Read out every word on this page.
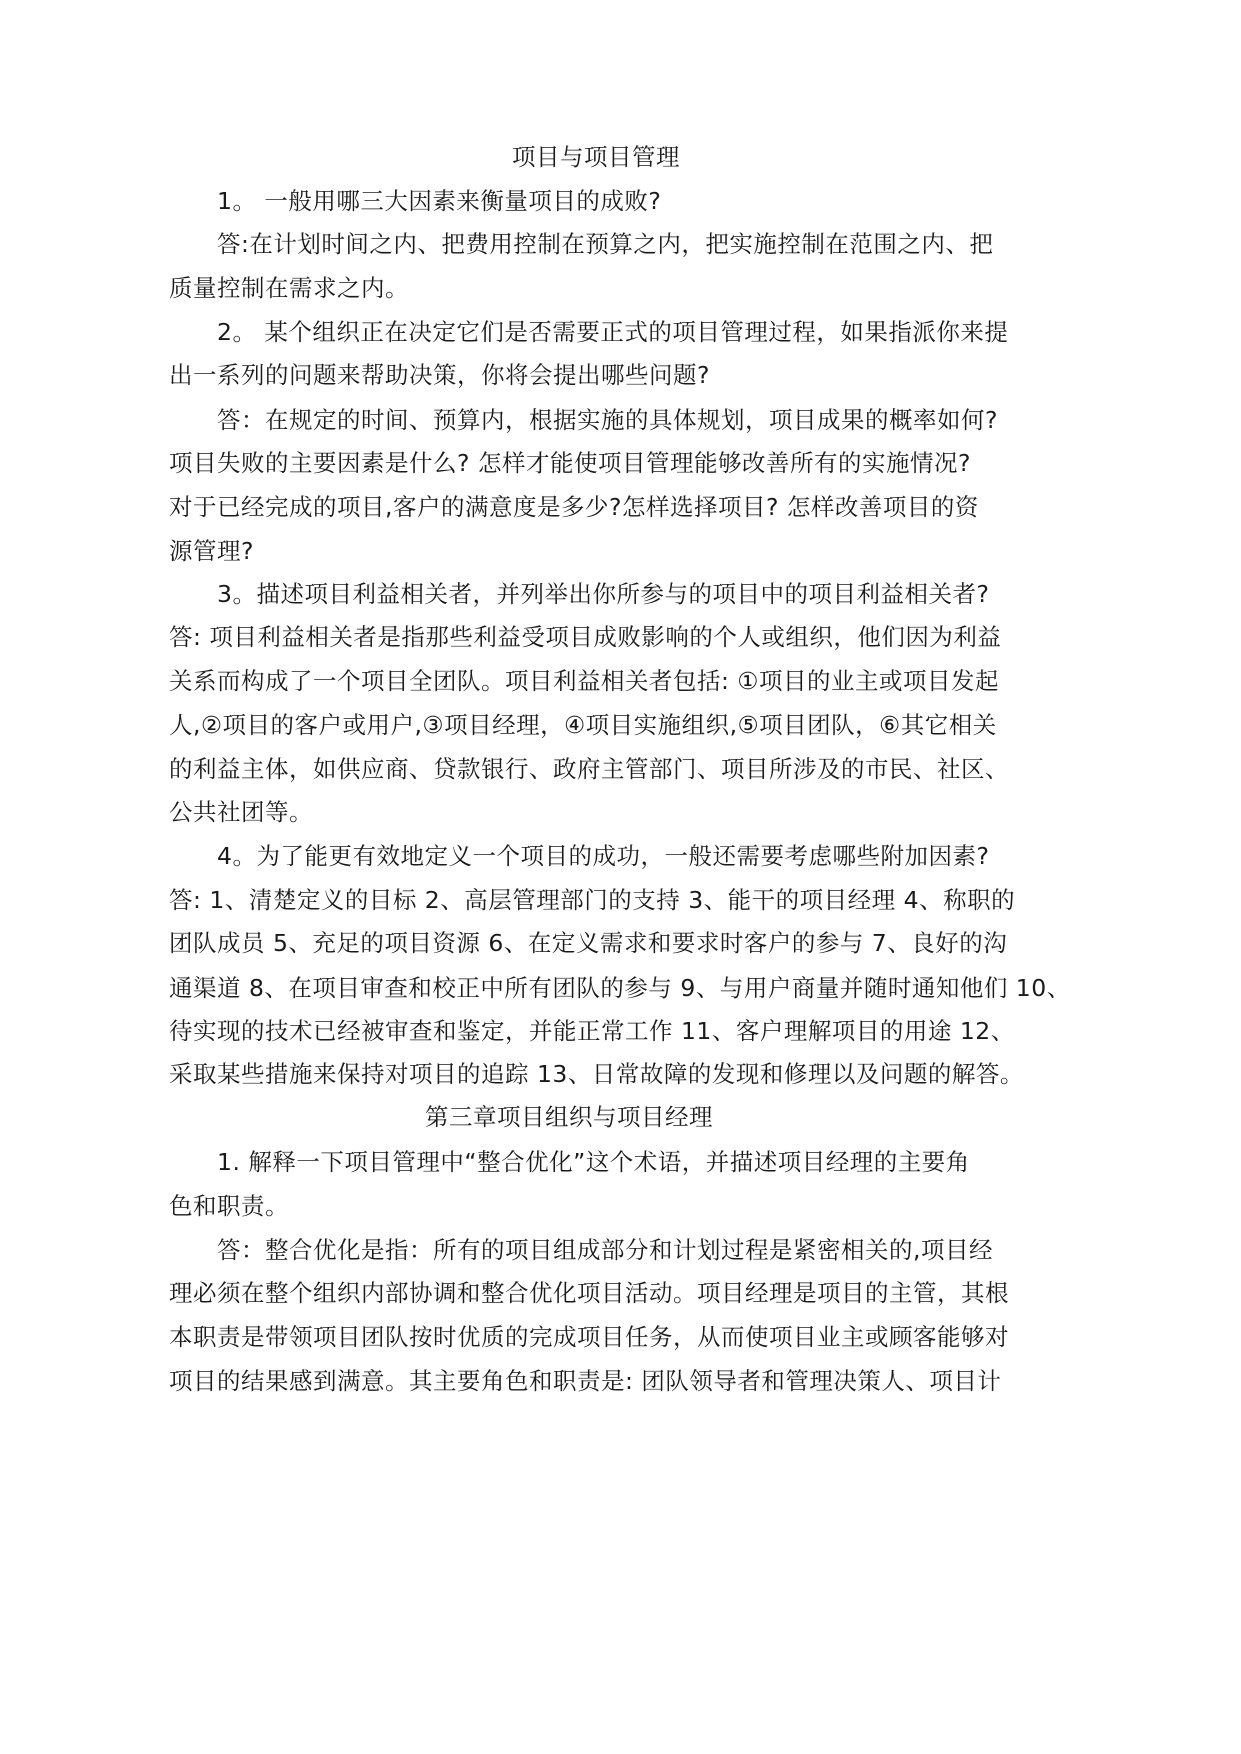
项目与项目管理
1。 一般用哪三大因素来衡量项目的成败?
答:在计划时间之内、把费用控制在预算之内，把实施控制在范围之内、把
质量控制在需求之内。
2。 某个组织正在决定它们是否需要正式的项目管理过程，如果指派你来提
出一系列的问题来帮助决策，你将会提出哪些问题?
答：在规定的时间、预算内，根据实施的具体规划，项目成果的概率如何?
项目失败的主要因素是什么? 怎样才能使项目管理能够改善所有的实施情况?
对于已经完成的项目,客户的满意度是多少?怎样选择项目? 怎样改善项目的资
源管理?
3。描述项目利益相关者，并列举出你所参与的项目中的项目利益相关者?
答: 项目利益相关者是指那些利益受项目成败影响的个人或组织，他们因为利益
关系而构成了一个项目全团队。项目利益相关者包括: ①项目的业主或项目发起
人,②项目的客户或用户,③项目经理，④项目实施组织,⑤项目团队，⑥其它相关
的利益主体，如供应商、贷款银行、政府主管部门、项目所涉及的市民、社区、
公共社团等。
4。为了能更有效地定义一个项目的成功，一般还需要考虑哪些附加因素?
答: 1、清楚定义的目标 2、高层管理部门的支持 3、能干的项目经理 4、称职的
团队成员 5、充足的项目资源 6、在定义需求和要求时客户的参与 7、良好的沟
通渠道 8、在项目审查和校正中所有团队的参与 9、与用户商量并随时通知他们 10、
待实现的技术已经被审查和鉴定，并能正常工作 11、客户理解项目的用途 12、
采取某些措施来保持对项目的追踪 13、日常故障的发现和修理以及问题的解答。
第三章项目组织与项目经理
1. 解释一下项目管理中“整合优化”这个术语，并描述项目经理的主要角
色和职责。
答：整合优化是指：所有的项目组成部分和计划过程是紧密相关的,项目经
理必须在整个组织内部协调和整合优化项目活动。项目经理是项目的主管，其根
本职责是带领项目团队按时优质的完成项目任务，从而使项目业主或顾客能够对
项目的结果感到满意。其主要角色和职责是: 团队领导者和管理决策人、项目计
